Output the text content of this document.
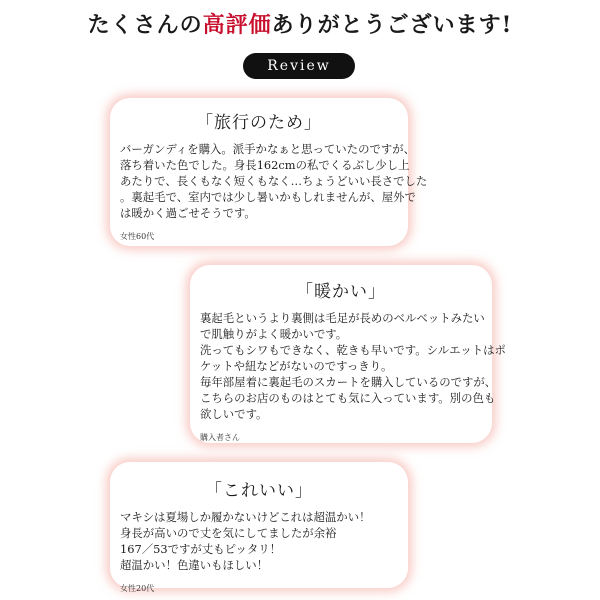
たくさんの高評価ありがとうございます!
Review
「旅行のため」
バーガンディを購入。派手かなぁと思っていたのですが、
落ち着いた色でした。身長162cmの私でくるぶし少し上
あたりで、長くもなく短くもなく…ちょうどいい長さでした
。裏起毛で、室内では少し暑いかもしれませんが、屋外で
は暖かく過ごせそうです。
女性60代
「暖かい」
裏起毛というより裏側は毛足が長めのベルベットみたい
で肌触りがよく暖かいです。
洗ってもシワもできなく、乾きも早いです。シルエットはポ
ケットや紐などがないのですっきり。
毎年部屋着に裏起毛のスカートを購入しているのですが、
こちらのお店のものはとても気に入っています。別の色も
欲しいです。
購入者さん
「これいい」
マキシは夏場しか履かないけどこれは超温かい！
身長が高いので丈を気にしてましたが余裕
167／53ですが丈もピッタリ！
超温かい！色違いもほしい！
女性20代
